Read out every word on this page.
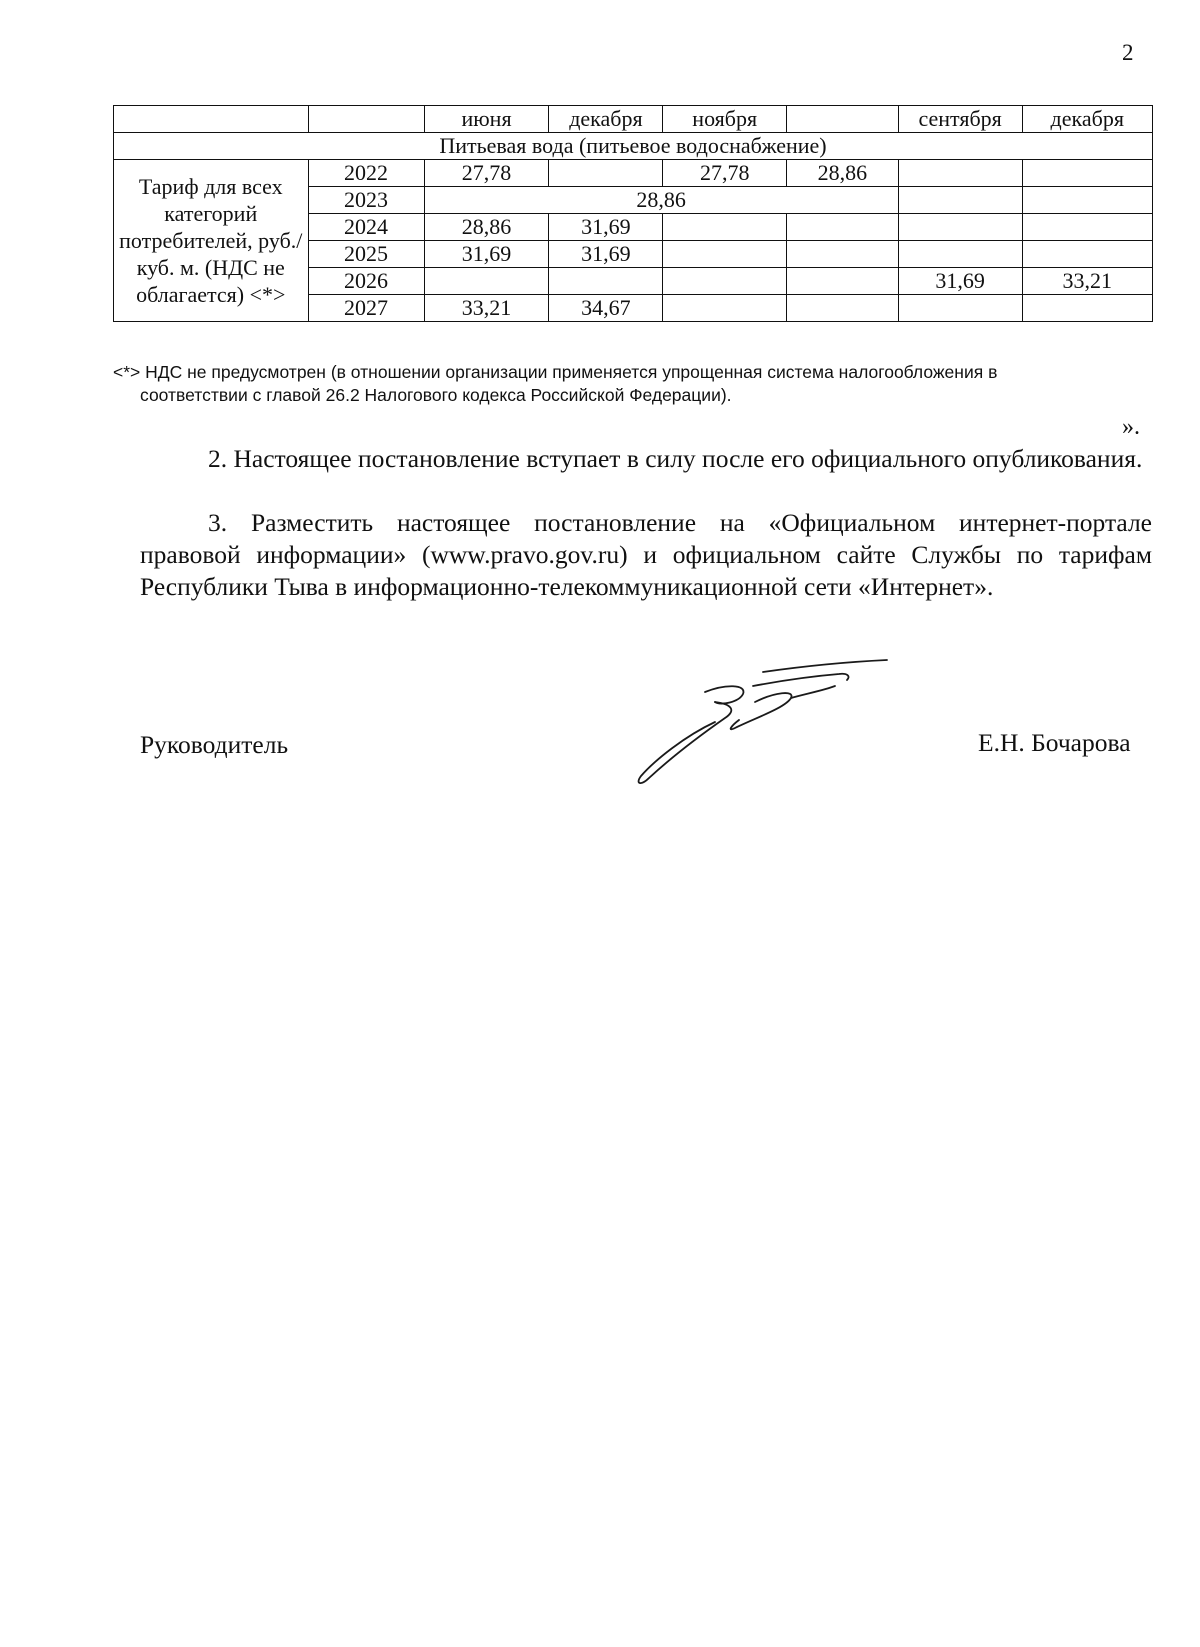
2
		июня	декабря	ноября		сентября	декабря
Питьевая вода (питьевое водоснабжение)							
Тариф для всех категорий потребителей, руб./куб. м. (НДС не облагается) <*>	2022	27,78		27,78	28,86		
	2023	28,86					
	2024	28,86	31,69				
	2025	31,69	31,69				
	2026					31,69	33,21
	2027	33,21	34,67				
<*> НДС не предусмотрен (в отношении организации применяется упрощенная система налогообложения в
соответствии с главой 26.2 Налогового кодекса Российской Федерации).
».
2. Настоящее постановление вступает в силу после его официального опубликования.
3. Разместить настоящее постановление на «Официальном интернет-портале правовой информации» (www.pravo.gov.ru) и официальном сайте Службы по тарифам Республики Тыва в информационно-телекоммуникационной сети «Интернет».
Руководитель	Е.Н. Бочарова
